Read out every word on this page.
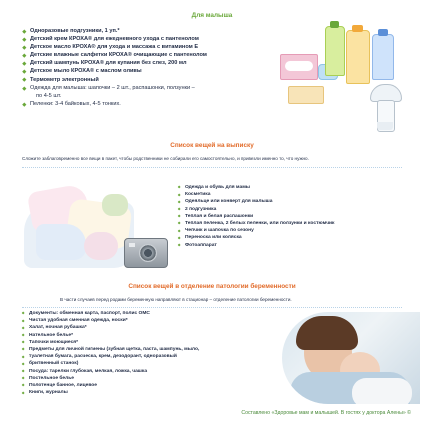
Для малыша
Одноразовые подгузники, 1 уп.*
Детский крем КРОХА® для ежедневного ухода с пантенолом
Детское масло КРОХА® для ухода и массажа с витамином Е
Детские влажные салфетки КРОХА® очищающие с пантенолом
Детский шампунь КРОХА® для купания без слез, 200 мл
Детское мыло КРОХА® с маслом оливы
Термометр электронный
Одежда для малыша: шапочки – 2 шт., распашонки, ползунки –
по 4-5 шт.
Пеленки: 3-4 байковых, 4-5 тонких.
Список вещей на выписку
Сложите заблаговременно все вещи в пакет, чтобы родственники не собирали его самостоятельно, и привезли именно то, что нужно.
Одежда и обувь для мамы
Косметика
Одеяльце или конверт для малыша
2 подгузника
Теплая и белая распашонки
Теплая пеленка, 2 белых пеленки, или ползунки и костюмчик
Чепчик и шапочка по сезону
Переноска или коляска
Фотоаппарат
Список вещей в отделение патологии беременности
В части случаев перед родами беременную направляют в стационар – отделение патологии беременности.
Документы: обменная карта, паспорт, полис ОМС
Чистая удобная сменная одежда, носки*
Халат, ночная рубашка*
Нательное белье*
Тапочки моющиеся*
Предметы для личной гигиены (зубная щетка, паста, шампунь, мыло,
туалетная бумага, расческа, крем, дезодорант, одноразовый
бритвенный станок)
Посуда: тарелки глубокая, мелкая, ложка, чашка
Постельное белье
Полотенце банное, лицевое
Книги, журналы
Составлено «Здоровье мам и малышей. В гостях у доктора Алены» ©
